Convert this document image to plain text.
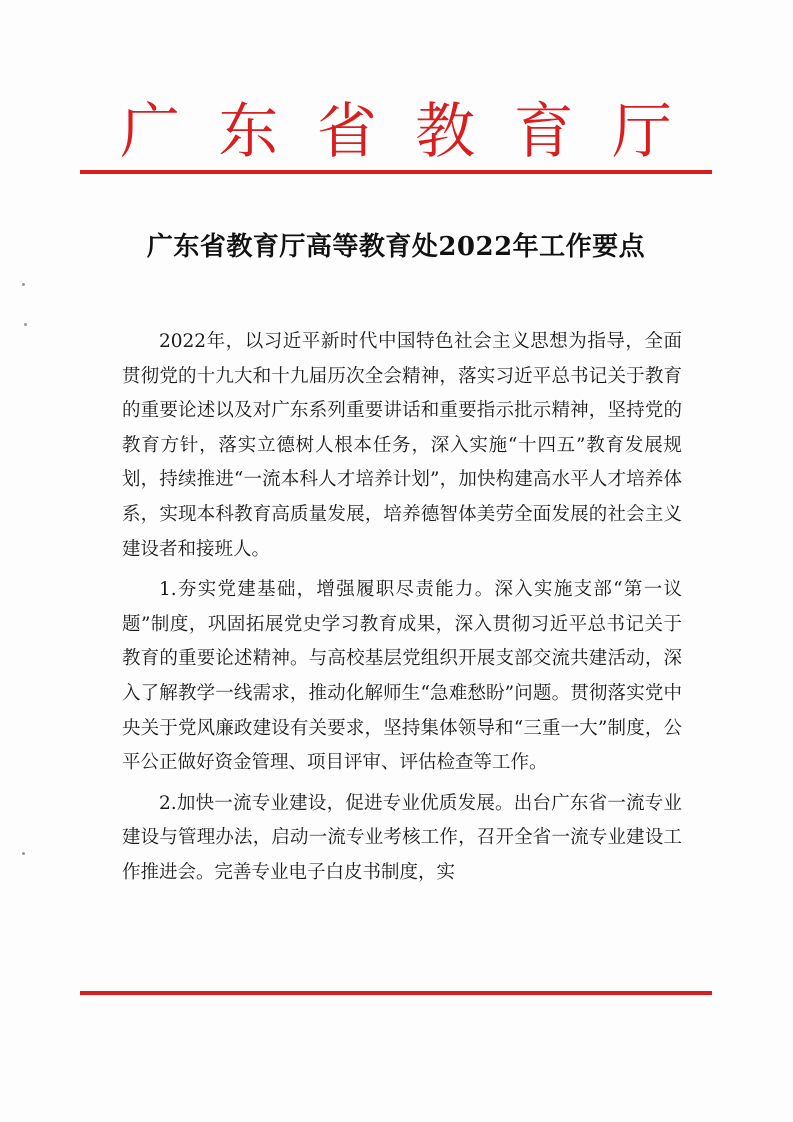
广 东 省 教 育 厅
广东省教育厅高等教育处2022年工作要点

2022年，以习近平新时代中国特色社会主义思想为指导，全面贯彻党的十九大和十九届历次全会精神，落实习近平总书记关于教育的重要论述以及对广东系列重要讲话和重要指示批示精神，坚持党的教育方针，落实立德树人根本任务，深入实施“十四五”教育发展规划，持续推进“一流本科人才培养计划”，加快构建高水平人才培养体系，实现本科教育高质量发展，培养德智体美劳全面发展的社会主义建设者和接班人。

1.夯实党建基础，增强履职尽责能力。深入实施支部“第一议题”制度，巩固拓展党史学习教育成果，深入贯彻习近平总书记关于教育的重要论述精神。与高校基层党组织开展支部交流共建活动，深入了解教学一线需求，推动化解师生“急难愁盼”问题。贯彻落实党中央关于党风廉政建设有关要求，坚持集体领导和“三重一大”制度，公平公正做好资金管理、项目评审、评估检查等工作。

2.加快一流专业建设，促进专业优质发展。出台广东省一流专业建设与管理办法，启动一流专业考核工作，召开全省一流专业建设工作推进会。完善专业电子白皮书制度，实
